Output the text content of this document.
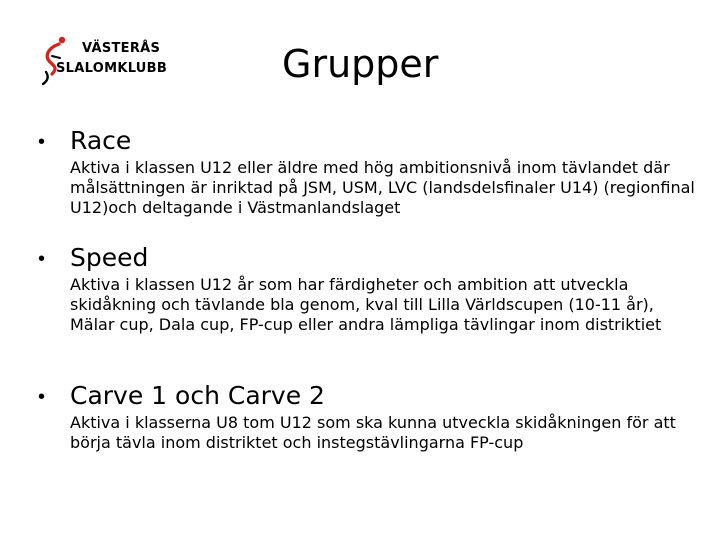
VÄSTERÅS
SLALOMKLUBB	Grupper
• Race
Aktiva i klassen U12 eller äldre med hög ambitionsnivå inom tävlandet där målsättningen är inriktad på JSM, USM, LVC (landsdelsfinaler U14) (regionfinal U12)och deltagande i Västmanlandslaget
• Speed
Aktiva i klassen U12 år som har färdigheter och ambition att utveckla skidåkning och tävlande bla genom, kval till Lilla Världscupen (10-11 år), Mälar cup, Dala cup, FP-cup eller andra lämpliga tävlingar inom distriktiet
• Carve 1 och Carve 2
Aktiva i klasserna U8 tom U12 som ska kunna utveckla skidåkningen för att börja tävla inom distriktet och instegstävlingarna FP-cup
